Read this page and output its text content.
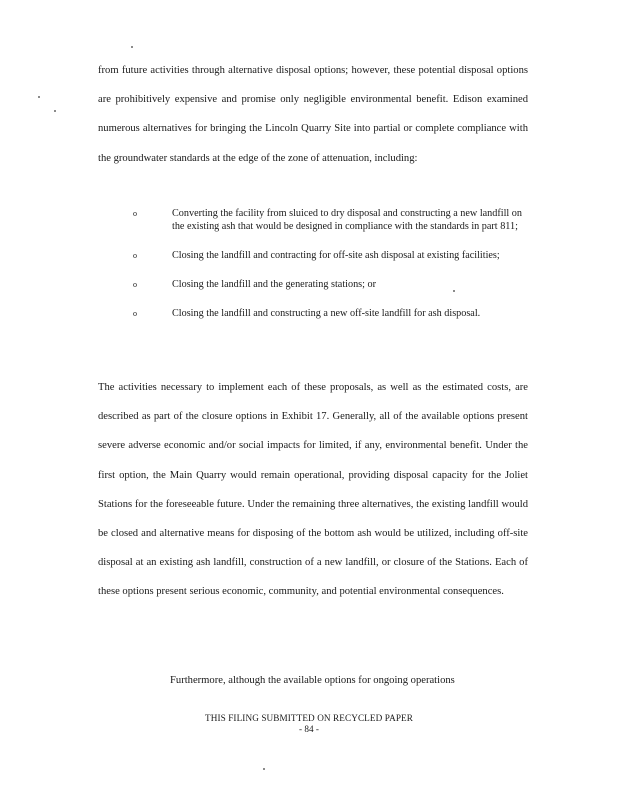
from future activities through alternative disposal options; however, these potential disposal options are prohibitively expensive and promise only negligible environmental benefit. Edison examined numerous alternatives for bringing the Lincoln Quarry Site into partial or complete compliance with the groundwater standards at the edge of the zone of attenuation, including:

o	Converting the facility from sluiced to dry disposal and constructing a new landfill on the existing ash that would be designed in compliance with the standards in part 811;
o	Closing the landfill and contracting for off-site ash disposal at existing facilities;
o	Closing the landfill and the generating stations; or
o	Closing the landfill and constructing a new off-site landfill for ash disposal.

The activities necessary to implement each of these proposals, as well as the estimated costs, are described as part of the closure options in Exhibit 17. Generally, all of the available options present severe adverse economic and/or social impacts for limited, if any, environmental benefit. Under the first option, the Main Quarry would remain operational, providing disposal capacity for the Joliet Stations for the foreseeable future. Under the remaining three alternatives, the existing landfill would be closed and alternative means for disposing of the bottom ash would be utilized, including off-site disposal at an existing ash landfill, construction of a new landfill, or closure of the Stations. Each of these options present serious economic, community, and potential environmental consequences.

Furthermore, although the available options for ongoing operations

THIS FILING SUBMITTED ON RECYCLED PAPER
- 84 -
